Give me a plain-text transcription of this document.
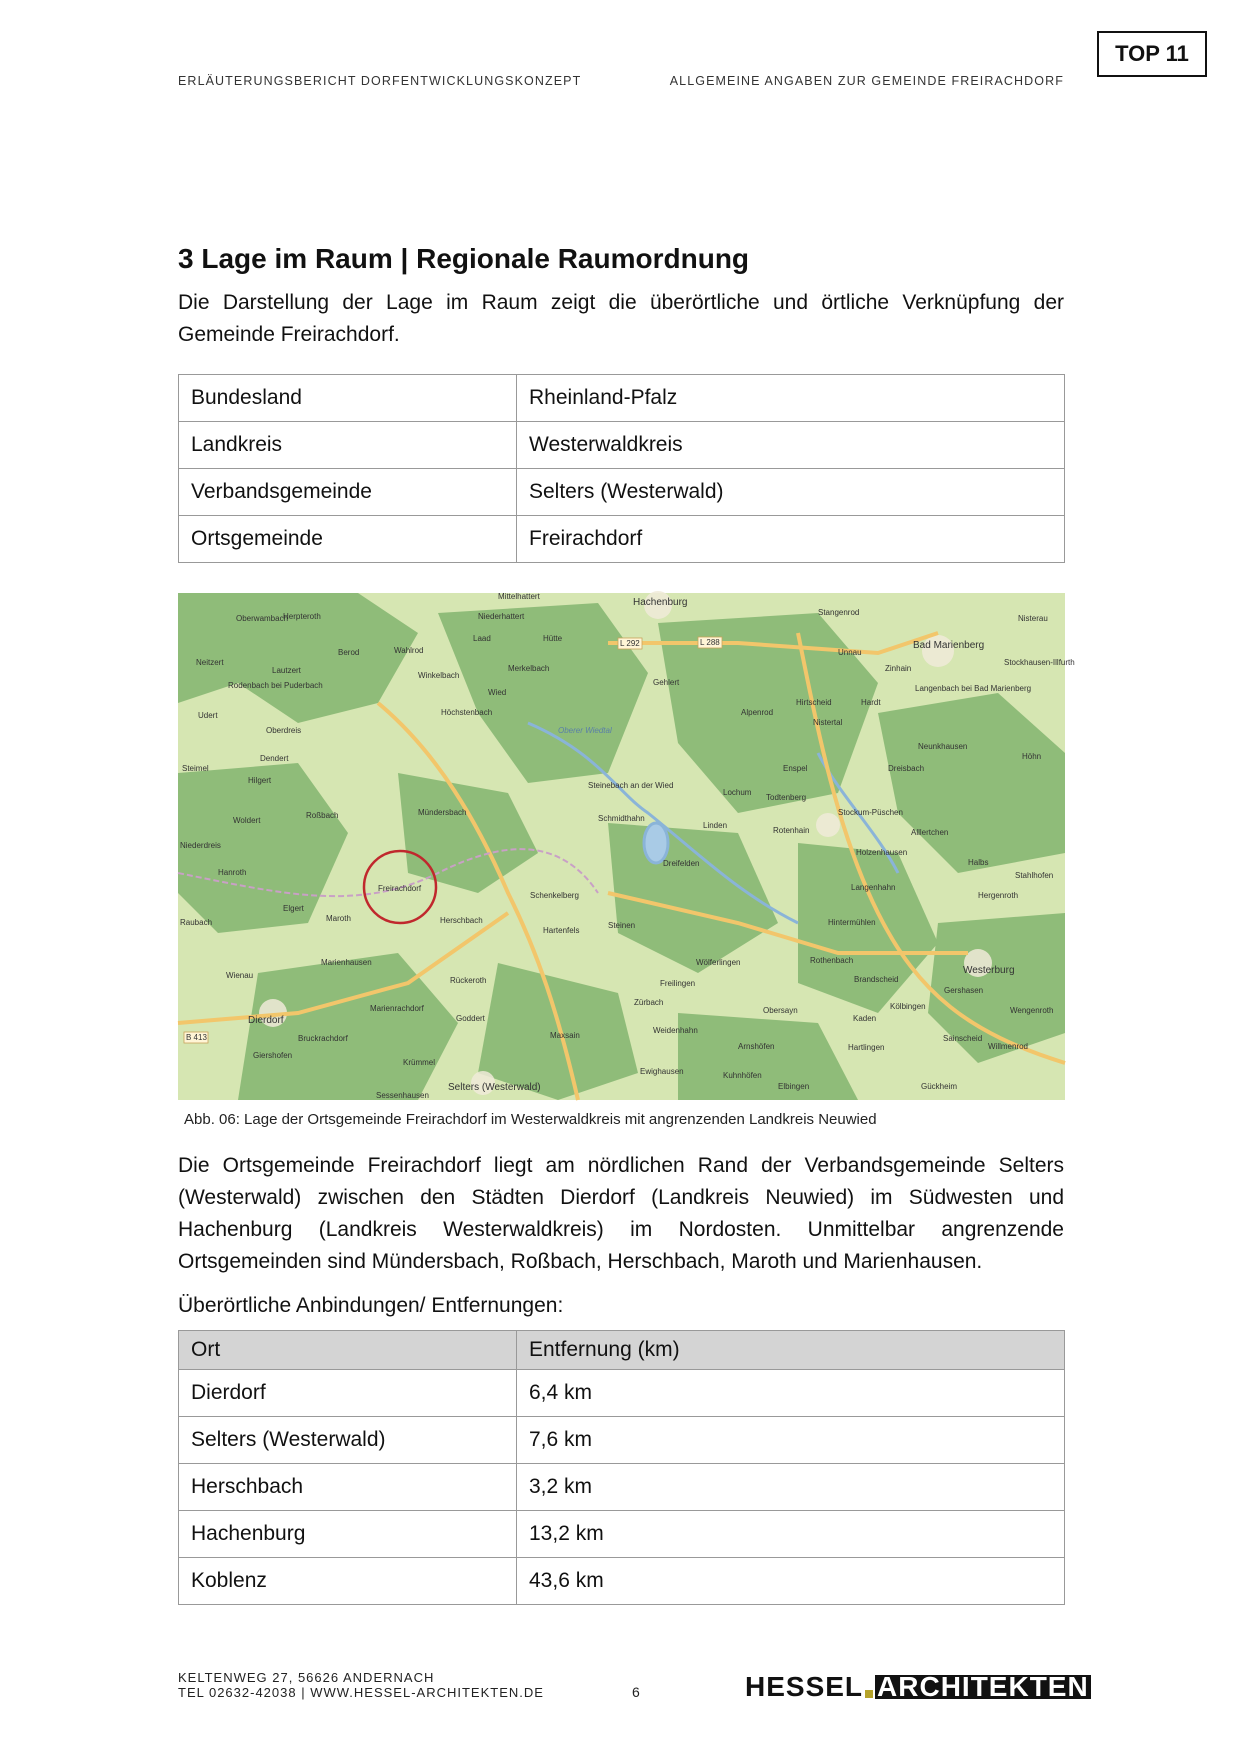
TOP 11
ERLÄUTERUNGSBERICHT DORFENTWICKLUNGSKONZEPT	ALLGEMEINE ANGABEN ZUR GEMEINDE FREIRACHDORF
3 Lage im Raum | Regionale Raumordnung

Die Darstellung der Lage im Raum zeigt die überörtliche und örtliche Verknüpfung der Gemeinde Freirachdorf.

Bundesland	Rheinland-Pfalz
Landkreis	Westerwaldkreis
Verbandsgemeinde	Selters (Westerwald)
Ortsgemeinde	Freirachdorf
Hachenburg
Bad Marienberg
Westerburg
Dierdorf
Selters (Westerwald)
Freirachdorf
Mündersbach
Roßbach
Herschbach
Maroth
Marienhausen
Steinebach an der Wied
Schmidthahn
Dreifelden
Schenkelberg
Steinen
Hartenfels
Freilingen
Wölferlingen
Rückeroth
Goddert
Marienrachdorf
Bruckrachdorf
Giershofen
Elgert
Wienau
Hanroth
Woldert
Hilgert
Oberdreis
Dendert
Steimel
Höchstenbach
Winkelbach
Wied
Merkelbach
Berod	Wahlrod
Lautzert
Neitzert
Rodenbach bei Puderbach
Udert
Herpteroth
Oberwambach	Niederhattert
Mittelhattert
Hütte
Laad
Gehlert
Alpenrod
Hirtscheid
Nistertal
Hardt
Zinhain
Unnau
Stangenrod
Nisterau
Langenbach bei Bad Marienberg
Stockhausen-Illfurth
Neunkhausen
Höhn
Dreisbach
Enspel
Lochum
Todtenberg
Stockum-Püschen
Linden
Rotenhain	Alllertchen
Holzenhausen
Halbs
Stahlhofen
Langenhahn
Hergenroth
Hintermühlen
Rothenbach
Brandscheid
Gershasen
Kölbingen	Wengenroth
Kaden
Sainscheid
Willmenrod
Hartlingen
Obersayn
Zürbach
Weidenhahn
Maxsain
Arnshöfen
Ewighausen	Kuhnhöfen
Elbingen	Gückheim
Krümmel
Sessenhausen
Raubach
Niederdreis
Oberer Wiedtal
L 292	L 288
B 413
Abb. 06: Lage der Ortsgemeinde Freirachdorf im Westerwaldkreis mit angrenzenden Landkreis Neuwied

Die Ortsgemeinde Freirachdorf liegt am nördlichen Rand der Verbandsgemeinde Selters (Westerwald) zwischen den Städten Dierdorf (Landkreis Neuwied) im Südwesten und Hachenburg (Landkreis Westerwaldkreis) im Nordosten. Unmittelbar angrenzende Ortsgemeinden sind Mündersbach, Roßbach, Herschbach, Maroth und Marienhausen.

Überörtliche Anbindungen/ Entfernungen:

Ort	Entfernung (km)
Dierdorf	6,4 km
Selters (Westerwald)	7,6 km
Herschbach	3,2 km
Hachenburg	13,2 km
Koblenz	43,6 km
KELTENWEG 27, 56626 ANDERNACH
TEL 02632-42038 | WWW.HESSEL-ARCHITEKTEN.DE	6	HESSEL ARCHITEKTEN
